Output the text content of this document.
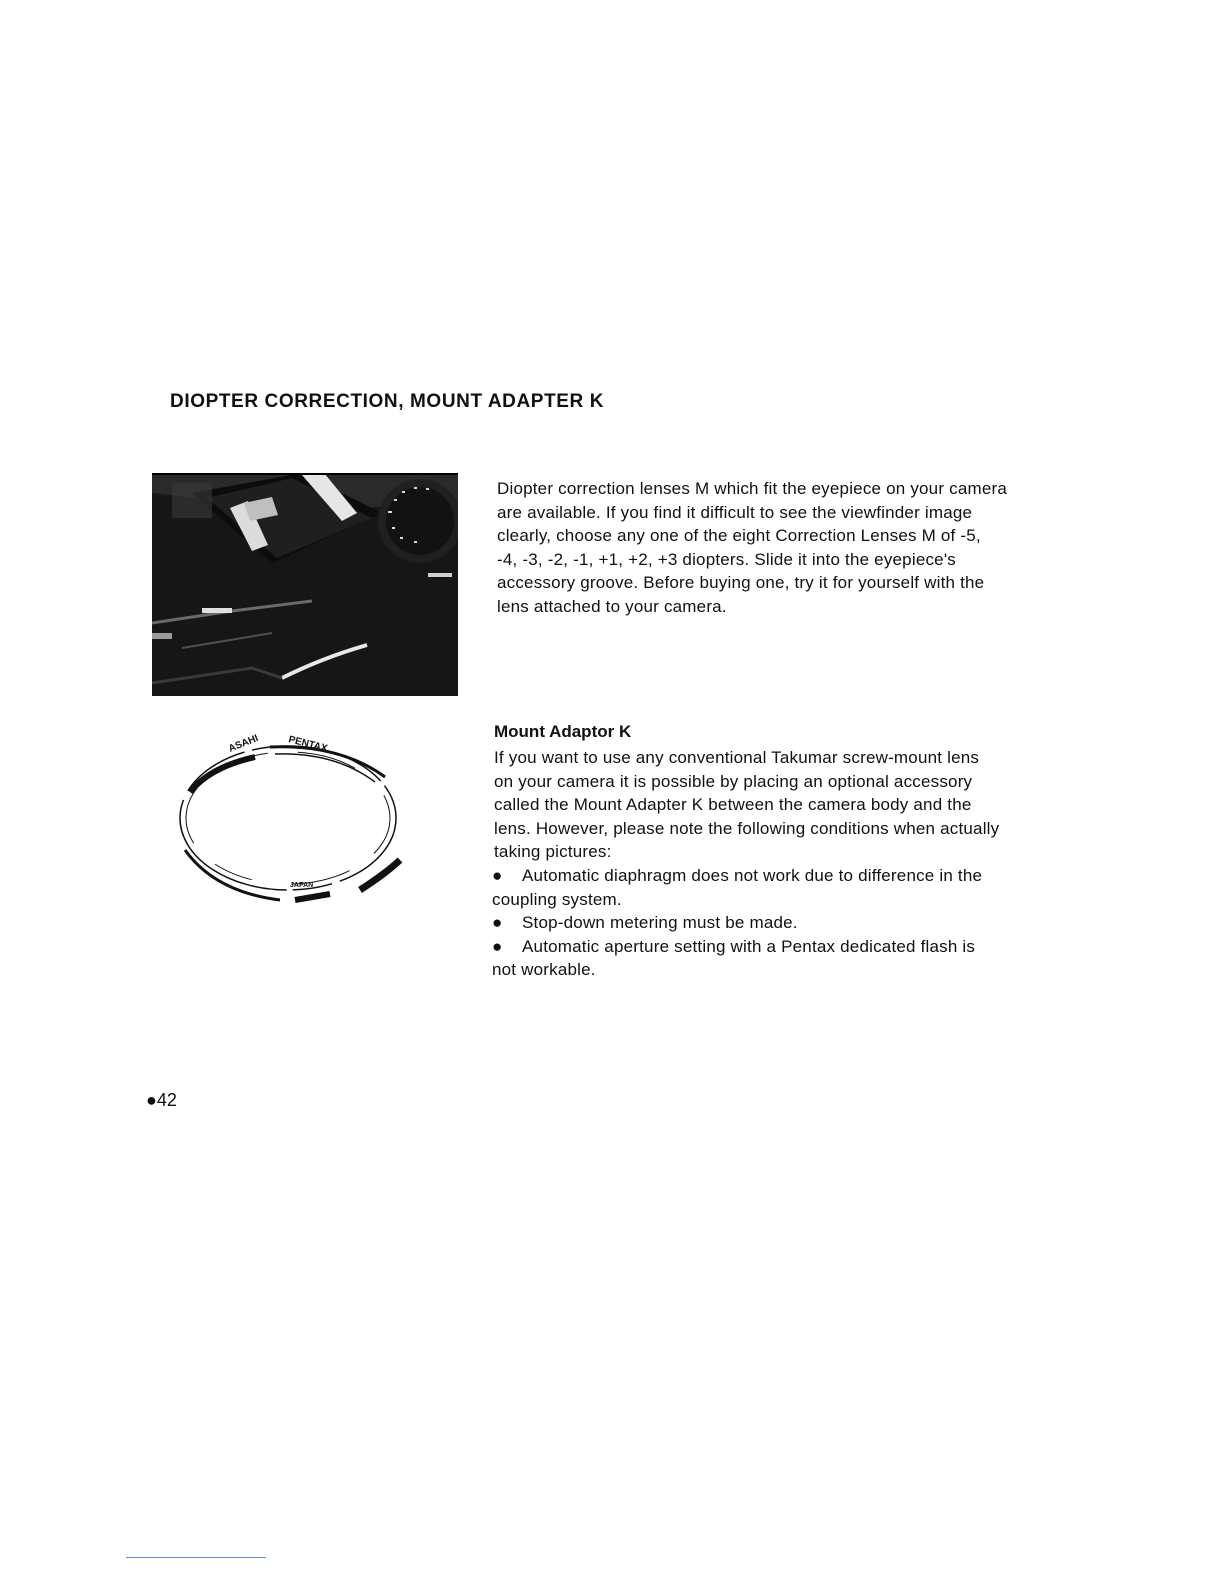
DIOPTER CORRECTION, MOUNT ADAPTER K
ASAHI	PENTAX
JAPAN

Diopter correction lenses M which fit the eyepiece on your camera
are available. If you find it difficult to see the viewfinder image
clearly, choose any one of the eight Correction Lenses M of -5,
-4, -3, -2, -1, +1, +2, +3 diopters. Slide it into the eyepiece's
accessory groove. Before buying one, try it for yourself with the
lens attached to your camera.

Mount Adaptor K

If you want to use any conventional Takumar screw-mount lens
on your camera it is possible by placing an optional accessory
called the Mount Adapter K between the camera body and the
lens. However, please note the following conditions when actually
taking pictures:

● Automatic diaphragm does not work due to difference in the
coupling system.
● Stop-down metering must be made.
● Automatic aperture setting with a Pentax dedicated flash is
not workable.

●42
